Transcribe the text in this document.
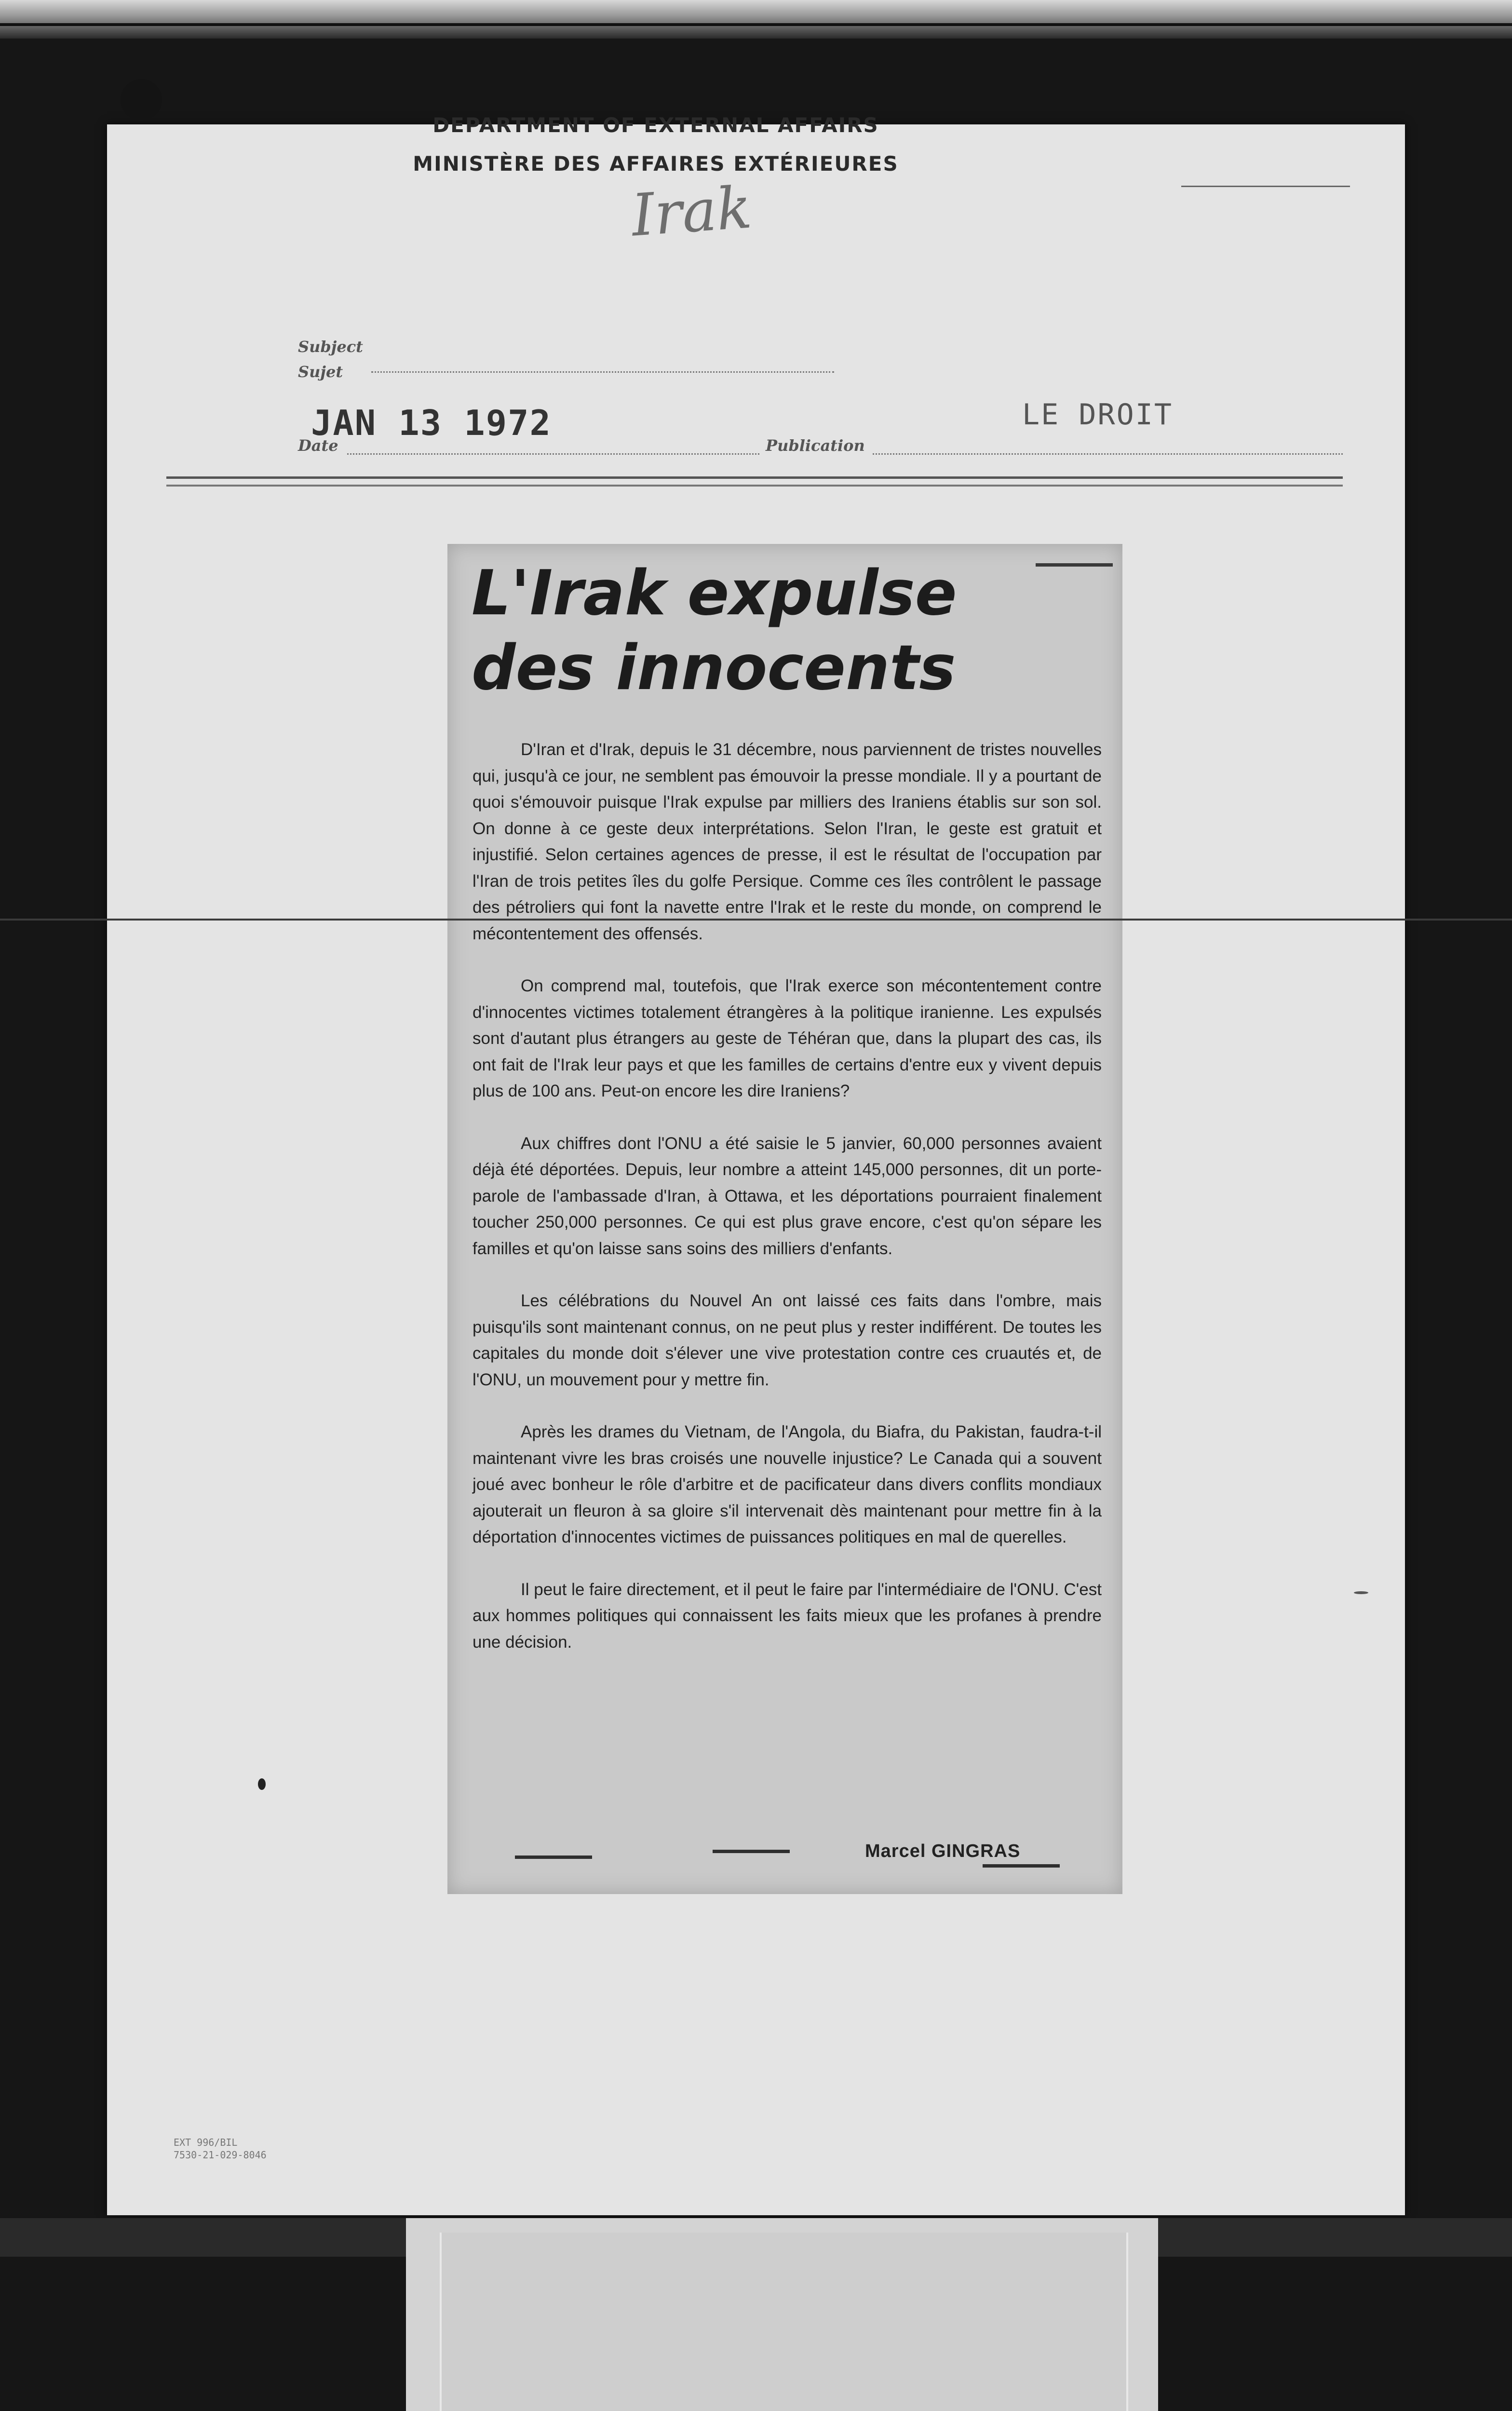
DEPARTMENT OF EXTERNAL AFFAIRS
MINISTÈRE DES AFFAIRES EXTÉRIEURES
Subject
Sujet
Irak
Date
JAN 13 1972
Publication
LE DROIT
L'Irak expulse
des innocents

D'Iran et d'Irak, depuis le 31 décembre, nous parviennent de tristes nouvelles qui, jusqu'à ce jour, ne semblent pas émouvoir la presse mondiale. Il y a pourtant de quoi s'émouvoir puisque l'Irak expulse par milliers des Iraniens établis sur son sol. On donne à ce geste deux interprétations. Selon l'Iran, le geste est gratuit et injustifié. Selon certaines agences de presse, il est le résultat de l'occupation par l'Iran de trois petites îles du golfe Persique. Comme ces îles contrôlent le passage des pétroliers qui font la navette entre l'Irak et le reste du monde, on comprend le mécontentement des offensés.

On comprend mal, toutefois, que l'Irak exerce son mécontentement contre d'innocentes victimes totalement étrangères à la politique iranienne. Les expulsés sont d'autant plus étrangers au geste de Téhéran que, dans la plupart des cas, ils ont fait de l'Irak leur pays et que les familles de certains d'entre eux y vivent depuis plus de 100 ans. Peut-on encore les dire Iraniens?

Aux chiffres dont l'ONU a été saisie le 5 janvier, 60,000 personnes avaient déjà été déportées. Depuis, leur nombre a atteint 145,000 personnes, dit un porte-parole de l'ambassade d'Iran, à Ottawa, et les déportations pourraient finalement toucher 250,000 personnes. Ce qui est plus grave encore, c'est qu'on sépare les familles et qu'on laisse sans soins des milliers d'enfants.

Les célébrations du Nouvel An ont laissé ces faits dans l'ombre, mais puisqu'ils sont maintenant connus, on ne peut plus y rester indifférent. De toutes les capitales du monde doit s'élever une vive protestation contre ces cruautés et, de l'ONU, un mouvement pour y mettre fin.

Après les drames du Vietnam, de l'Angola, du Biafra, du Pakistan, faudra-t-il maintenant vivre les bras croisés une nouvelle injustice? Le Canada qui a souvent joué avec bonheur le rôle d'arbitre et de pacificateur dans divers conflits mondiaux ajouterait un fleuron à sa gloire s'il intervenait dès maintenant pour mettre fin à la déportation d'innocentes victimes de puissances politiques en mal de querelles.

Il peut le faire directement, et il peut le faire par l'intermédiaire de l'ONU. C'est aux hommes politiques qui connaissent les faits mieux que les profanes à prendre une décision.

Marcel GINGRAS
EXT 996/BIL
7530-21-029-8046
